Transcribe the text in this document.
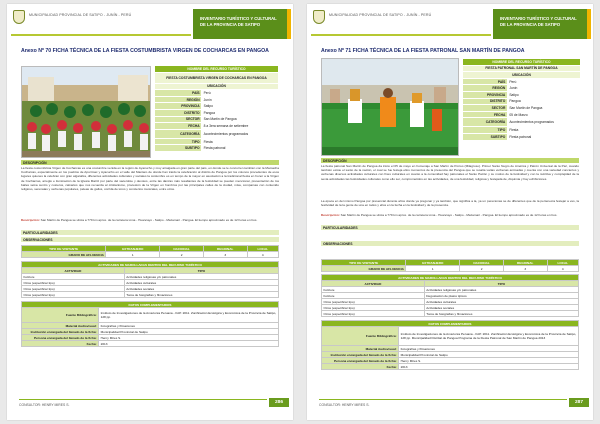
MUNICIPALIDAD PROVINCIAL DE SATIPO - JUNÍN - PERÚ
INVENTARIO TURÍSTICO Y CULTURAL DE LA PROVINCIA DE SATIPO
Anexo Nº 70 FICHA TÉCNICA DE LA FIESTA COSTUMBRISTA VIRGEN DE COCHARCAS EN PANGOA
NOMBRE DEL RECURSO TURÍSTICO	
FIESTA COSTUMBRISTA VIRGEN DE COCHARCAS EN PANGOA	
UBICACIÓN	
PAÍS	Perú
REGIÓN	Junín
PROVINCIA	Satipo
DISTRITO	Pangoa
SECTOR	San Martín de Pangoa
FECHA	8 a 3era semana de setiembre
CATEGORÍA	Acontecimientos programados
TIPO	Fiesta
SUBTIPO	Fiesta patronal
DESCRIPCIÓN
La fiesta costumbrista Virgen de Cocharcas es una costumbre venida en la región de Ayacucho y muy arraigada en gran parte del país, en donde se le concurren también con la Mamacha Cocharcas, especialmente en los pueblos de Apurímac y Ayacucho en el valle del Mantaro de donde han traído la celebración al distrito de Pangoa por los colonos procedentes de esos lugares quienes la celebran con gran algarabía, diferentes actividades culturales y sociales la costumbre es en tempo de la mayor en asociación a la tradicional fiesta en honor a la Virgen de Cocharcas, arreglo e iluminación de la Iglesia Matriz por parte del sacerdote y devotos, entre las danzas más resaltantes de la festividad se pueden mencionar, presentación de los bailes selva centro y costeros, calvarios que nos recuerda al cristianismo, procesión de la Virgen en hombros por las principales calles de la ciudad, misa, comparsas con contenido religioso, serenatas y verbenas populares, peleas de gallos, corrida de toros y conciertos musicales, entre otros.
Descripción: San Martín de Pangoa se ubica a 779 km aprox. de la carretera Lima - Huancayo - Satipo - Mazamari - Pangoa. El tiempo aproximado es de 12 horas en bus.
PARTICULARIDADES
OBSERVACIONES
TIPO DE VISITANTE	EXTRANJERO	NACIONAL	REGIONAL	LOCAL
GRADO DE AFLUENCIA	1	2	3	4
ACTIVIDADES DE MAROLLADAS DENTRO DEL RECURSO TURÍSTICO	
ACTIVIDAD	TIPO
Folclore	Actividades religiosas y/o patronales
Otros (especificar tipo)	Actividades culturales
Otros (especificar tipo)	Actividades sociales
Otros (especificar tipo)	Toma de fotografías y filmaciones
DATOS COMPLEMENTARIOS	
Fuente Bibliográfica:	Instituto de Investigaciones de la Amazonía Peruana - IIAP. 2011. Zonificación Ecológica y Económica de la Provincia de Satipo, 128 pp.
Material Audiovisual:	Fotografías y filmaciones
Institución encargada del llenado de la ficha:	Municipalidad Provincial de Satipo
Persona encargada del llenado de la ficha:	Henry Mires S.
Fecha:	2013
CONSULTOR: HENRY MIRES S.	286
MUNICIPALIDAD PROVINCIAL DE SATIPO - JUNÍN - PERÚ
INVENTARIO TURÍSTICO Y CULTURAL DE LA PROVINCIA DE SATIPO
Anexo Nº 71 FICHA TÉCNICA DE LA FIESTA PATRONAL SAN MARTÍN DE PANGOA
NOMBRE DEL RECURSO TURÍSTICO	
FIESTA PATRONAL SAN MARTÍN DE PANGOA	
UBICACIÓN	
PAÍS	Perú
REGIÓN	Junín
PROVINCIA	Satipo
DISTRITO	Pangoa
SECTOR	San Martín de Pangoa
FECHA	05 de Marzo
CATEGORÍA	Acontecimientos programados
TIPO	Fiesta
SUBTIPO	Fiesta patronal
DESCRIPCIÓN
La fiesta patronal San Martín de Pangoa da inicio el 05 de mayo en homenaje a San Martín de Porres (Milagroso). Primer Santo Negro de América y Patrón Universal de la Paz, cuando también existe el santo de la nación, el cual se fue festeja ellos momentos de la presencia del Pangoa que se resalta varias verbenas animadas y cuenta con una variedad conciertos y verbenas diversos actividades culturales con fines culturales en cuanto a la comunidad hay patronales el Santo Patrón y su motivo de la festividad y con la nutritiva y complejidad de la sexta actividades las festividades culturales como ello ser, comprometidos en las actividades, de una festividad, religiosa y festejada de, Alquimia y hay exhibiciones.
La época en del mismo Pangoa por presencial durante años donde ya pregonar y ya también, que significa a la, ya un perecionas se de diferentes que de la pertenecía festejar a ves, la festividad de la la gente de una en todos y ellos en la fecha en la festividad y de la presencia.
Descripción: San Martín de Pangoa se ubica a 779 km aprox. de la carretera Lima - Huancayo - Satipo - Mazamari - Pangoa. El tiempo aproximado es de 12 horas en bus.
PARTICULARIDADES
OBSERVACIONES
TIPO DE VISITANTE	EXTRANJERO	NACIONAL	REGIONAL	LOCAL
GRADO DE AFLUENCIA	1	2	3	4
ACTIVIDADES DE MAROLLADAS DENTRO DEL RECURSO TURÍSTICO	
ACTIVIDAD	TIPO
Folclore	Actividades religiosas y/o patronales
Folclore	Degustación de platos típicos
Otros (especificar tipo)	Actividades culturales
Otros (especificar tipo)	Actividades sociales
Otros (especificar tipo)	Toma de fotografías y filmaciones
DATOS COMPLEMENTARIOS	
Fuente Bibliográfica:	Instituto de Investigaciones de la Amazonía Peruana - IIAP. 2011. Zonificación Ecológica y Económica de la Provincia de Satipo, 128 pp. Municipalidad Distrital de Pangoa Programa de la Fiesta Patronal de San Martín de Pangoa 2013
Material Audiovisual:	Fotografías y filmaciones
Institución encargada del llenado de la ficha:	Municipalidad Provincial de Satipo
Persona encargada del llenado de la ficha:	Henry Mires S.
Fecha:	2013
CONSULTOR: HENRY MIRES S.	287
